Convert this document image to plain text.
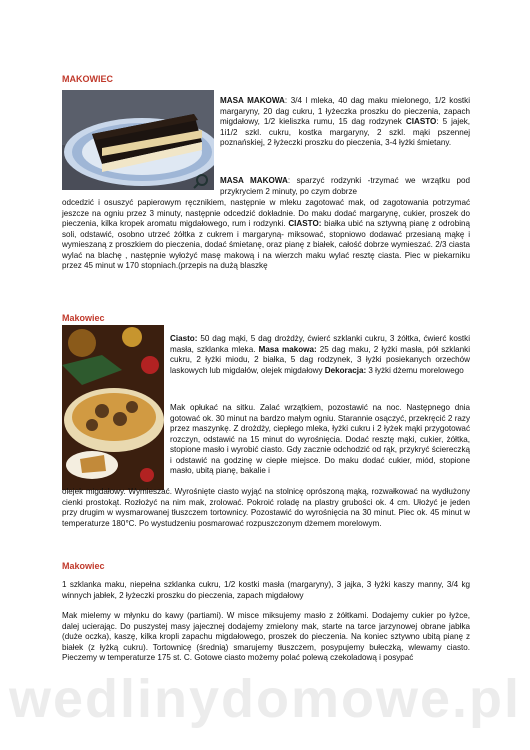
MAKOWIEC

MASA MAKOWA: 3/4 l mleka, 40 dag maku mielonego, 1/2 kostki margaryny, 20 dag cukru, 1 łyżeczka proszku do pieczenia, zapach migdałowy, 1/2 kieliszka rumu, 15 dag rodzynek CIASTO: 5 jajek, 1i1/2 szkl. cukru, kostka margaryny, 2 szkl. mąki pszennej poznańskiej, 2 łyżeczki proszku do pieczenia, 3-4 łyżki śmietany.

MASA MAKOWA: sparzyć rodzynki -trzymać we wrzątku pod przykryciem 2 minuty, po czym dobrze

odcedzić i osuszyć papierowym ręcznikiem, następnie w mleku zagotować mak, od zagotowania potrzymać jeszcze na ogniu przez 3 minuty, następnie odcedzić dokładnie. Do maku dodać margarynę, cukier, proszek do pieczenia, kilka kropek aromatu migdałowego, rum i rodzynki. CIASTO: białka ubić na sztywną pianę z odrobiną soli, odstawić, osobno utrzeć żółtka z cukrem i margaryną- miksować, stopniowo dodawać przesianą mąkę i wymieszaną z proszkiem do pieczenia, dodać śmietanę, oraz pianę z białek, całość dobrze wymieszać. 2/3 ciasta wylać na blachę , następnie wyłożyć masę makową i na wierzch maku wylać resztę ciasta. Piec w piekarniku przez 45 minut w 170 stopniach.(przepis na dużą blaszkę

Makowiec

Ciasto: 50 dag mąki, 5 dag drożdży, ćwierć szklanki cukru, 3 żółtka, ćwierć kostki masła, szklanka mleka. Masa makowa: 25 dag maku, 2 łyżki masła, pół szklanki cukru, 2 łyżki miodu, 2 białka, 5 dag rodzynek, 3 łyżki posiekanych orzechów laskowych lub migdałów, olejek migdałowy Dekoracja: 3 łyżki dżemu morelowego

Mak opłukać na sitku. Zalać wrzątkiem, pozostawić na noc. Następnego dnia gotować ok. 30 minut na bardzo małym ogniu. Starannie osączyć, przekręcić 2 razy przez maszynkę. Z drożdży, ciepłego mleka, łyżki cukru i 2 łyżek mąki przygotować rozczyn, odstawić na 15 minut do wyrośnięcia. Dodać resztę mąki, cukier, żółtka, stopione masło i wyrobić ciasto. Gdy zacznie odchodzić od rąk, przykryć ściereczką i odstawić na godzinę w ciepłe miejsce. Do maku dodać cukier, miód, stopione masło, ubitą pianę, bakalie i

olejek migdałowy. Wymieszać. Wyrośnięte ciasto wyjąć na stolnicę oprószoną mąką, rozwałkować na wydłużony cienki prostokąt. Rozłożyć na nim mak, zrolować. Pokroić roladę na plastry grubości ok. 4 cm. Ułożyć je jeden przy drugim w wysmarowanej tłuszczem tortownicy. Pozostawić do wyrośnięcia na 30 minut. Piec ok. 45 minut w temperaturze 180°C. Po wystudzeniu posmarować rozpuszczonym dżemem morelowym.

Makowiec

1 szklanka maku, niepełna szklanka cukru, 1/2 kostki masła (margaryny), 3 jajka, 3 łyżki kaszy manny, 3/4 kg winnych jabłek, 2 łyżeczki proszku do pieczenia, zapach migdałowy

Mak mielemy w młynku do kawy (partiami). W misce miksujemy masło z żółtkami. Dodajemy cukier po łyżce, dalej ucierając. Do puszystej masy jajecznej dodajemy zmielony mak, starte na tarce jarzynowej obrane jabłka (duże oczka), kaszę, kilka kropli zapachu migdałowego, proszek do pieczenia. Na koniec sztywno ubitą pianę z białek (z łyżką cukru). Tortownicę (średnią) smarujemy tłuszczem, posypujemy bułeczką, wlewamy ciasto. Pieczemy w temperaturze 175 st. C. Gotowe ciasto możemy polać polewą czekoladową i posypać

wedlinydomowe.pl
